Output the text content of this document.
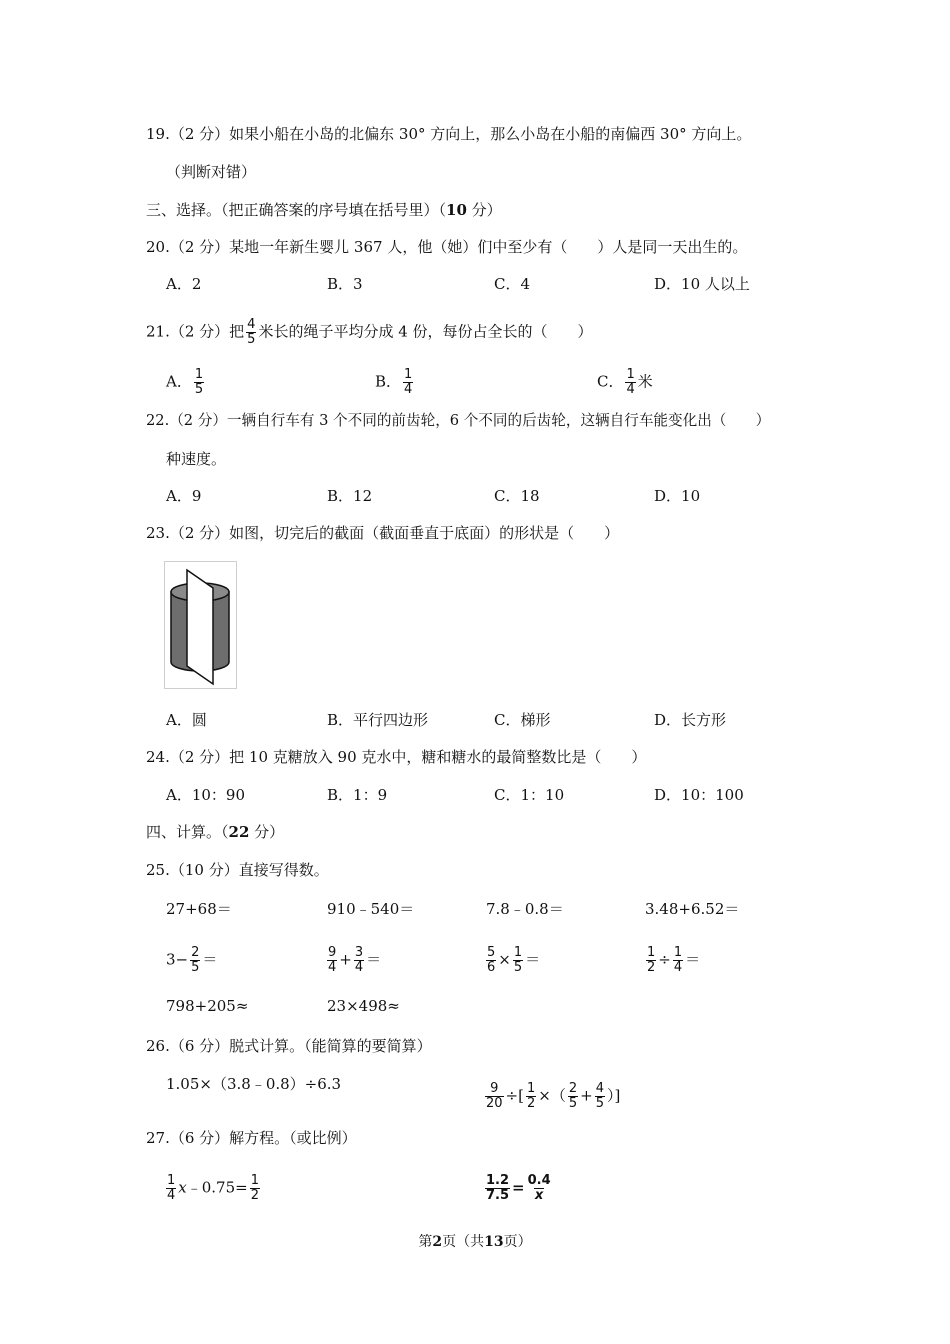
19.（2 分）如果小船在小岛的北偏东 30° 方向上，那么小岛在小船的南偏西 30° 方向上。
（判断对错）
三、选择。（把正确答案的序号填在括号里）（10 分）
20.（2 分）某地一年新生婴儿 367 人，他（她）们中至少有（　　）人是同一天出生的。
A．2	B．3	C．4	D．10 人以上
21.（2 分）把 $\frac{4}{5}$ 米长的绳子平均分成 4 份，每份占全长的（　　）
A． $\frac{1}{5}$	B． $\frac{1}{4}$	C． $\frac{1}{4}$ 米
22.（2 分）一辆自行车有 3 个不同的前齿轮，6 个不同的后齿轮，这辆自行车能变化出（　　）
种速度。
A．9	B．12	C．18	D．10
23.（2 分）如图，切完后的截面（截面垂直于底面）的形状是（　　）
A．圆	B．平行四边形	C．梯形	D．长方形
24.（2 分）把 10 克糖放入 90 克水中，糖和糖水的最简整数比是（　　）
A．10：90	B．1：9	C．1：10	D．10：100
四、计算。（22 分）
25.（10 分）直接写得数。
27+68＝	910﹣540＝	7.8﹣0.8＝	3.48+6.52＝
$3- \frac{2}{5}$ ＝	$\frac{9}{4} + \frac{3}{4}$ ＝	$\frac{5}{6} \times \frac{1}{5}$ ＝	$\frac{1}{2} \div \frac{1}{4}$ ＝
798+205≈	23×498≈
26.（6 分）脱式计算。（能简算的要简算）
1.05×（3.8﹣0.8）÷6.3	$\frac{9}{20}$ ÷[ $\frac{1}{2}$ ×（ $\frac{2}{5} + \frac{4}{5}$ ）]
27.（6 分）解方程。（或比例）
$\frac{1}{4}$ x﹣0.75= $\frac{1}{2}$	$\frac{1.2}{7.5} = \frac{0.4}{x}$
第2页（共13页）
